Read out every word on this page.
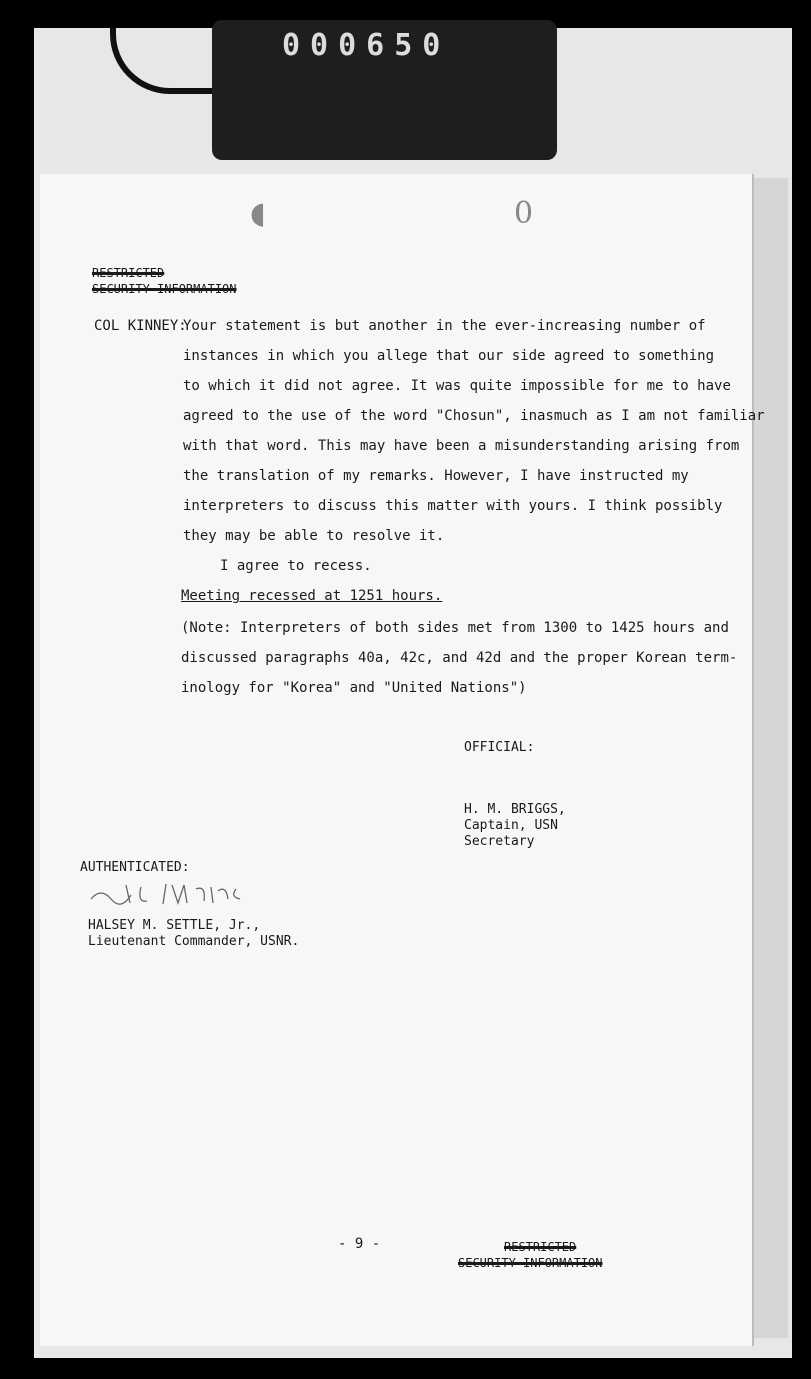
000650
◖	0
RESTRICTED
SECURITY INFORMATION
COL KINNEY:
Your statement is but another in the ever-increasing number of
instances in which you allege that our side agreed to something
to which it did not agree. It was quite impossible for me to have
agreed to the use of the word "Chosun", inasmuch as I am not familiar
with that word. This may have been a misunderstanding arising from
the translation of my remarks. However, I have instructed my
interpreters to discuss this matter with yours. I think possibly
they may be able to resolve it.
I agree to recess.
Meeting recessed at 1251 hours.
(Note: Interpreters of both sides met from 1300 to 1425 hours and
discussed paragraphs 40a, 42c, and 42d and the proper Korean term-
inology for "Korea" and "United Nations")
OFFICIAL:
H. M. BRIGGS,
Captain, USN
Secretary
AUTHENTICATED:
HALSEY M. SETTLE, Jr.,
Lieutenant Commander, USNR.
- 9 -	RESTRICTED
SECURITY INFORMATION
